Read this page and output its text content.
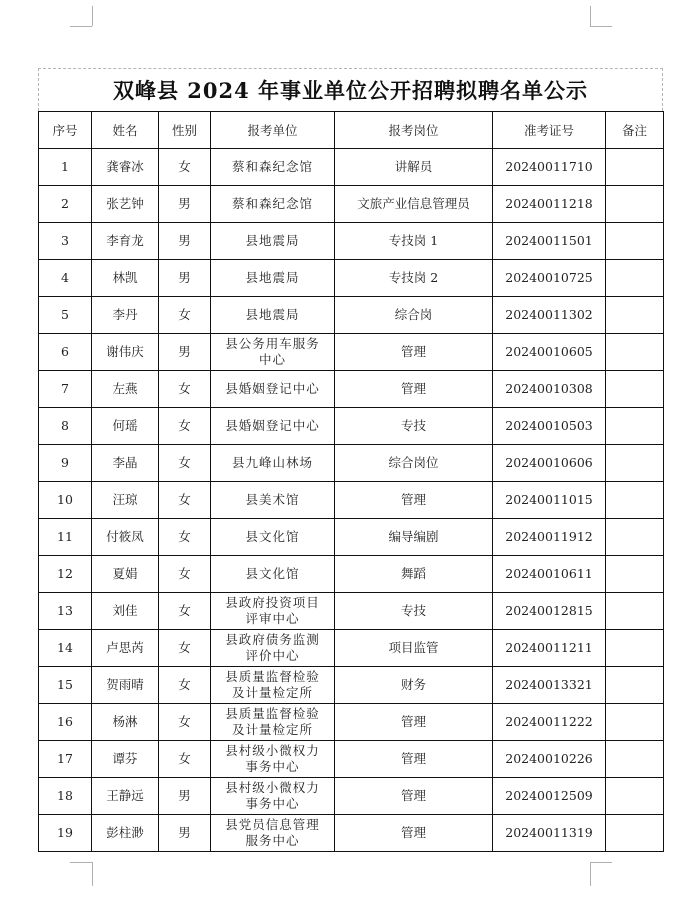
双峰县 2024 年事业单位公开招聘拟聘名单公示
序号	姓名	性别	报考单位	报考岗位	准考证号	备注
1	龚睿冰	女	蔡和森纪念馆	讲解员	20240011710	
2	张艺钟	男	蔡和森纪念馆	文旅产业信息管理员	20240011218	
3	李育龙	男	县地震局	专技岗 1	20240011501	
4	林凯	男	县地震局	专技岗 2	20240010725	
5	李丹	女	县地震局	综合岗	20240011302	
6	谢伟庆	男	县公务用车服务中心	管理	20240010605	
7	左燕	女	县婚姻登记中心	管理	20240010308	
8	何瑶	女	县婚姻登记中心	专技	20240010503	
9	李晶	女	县九峰山林场	综合岗位	20240010606	
10	汪琼	女	县美术馆	管理	20240011015	
11	付筱凤	女	县文化馆	编导编剧	20240011912	
12	夏娟	女	县文化馆	舞蹈	20240010611	
13	刘佳	女	县政府投资项目评审中心	专技	20240012815	
14	卢思芮	女	县政府债务监测评价中心	项目监管	20240011211	
15	贺雨晴	女	县质量监督检验及计量检定所	财务	20240013321	
16	杨淋	女	县质量监督检验及计量检定所	管理	20240011222	
17	谭芬	女	县村级小微权力事务中心	管理	20240010226	
18	王静远	男	县村级小微权力事务中心	管理	20240012509	
19	彭柱渺	男	县党员信息管理服务中心	管理	20240011319	
